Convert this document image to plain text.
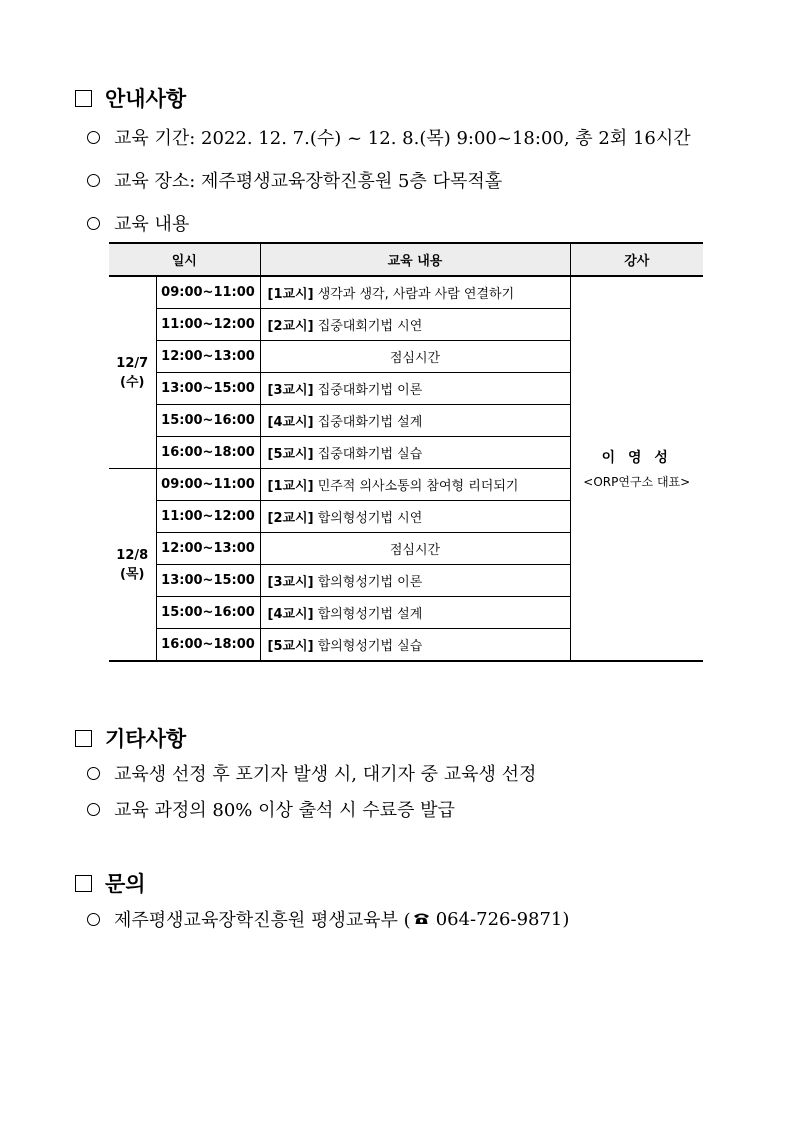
안내사항
교육 기간: 2022. 12. 7.(수) ~ 12. 8.(목) 9:00~18:00, 총 2회 16시간
교육 장소: 제주평생교육장학진흥원 5층 다목적홀
교육 내용
일시		교육 내용	강사
12/7
(수)	09:00~11:00	[1교시] 생각과 생각, 사람과 사람 연결하기	이 영 성
<ORP연구소 대표>

	11:00~12:00	[2교시] 집중대회기법 시연	
	12:00~13:00	점심시간	
	13:00~15:00	[3교시] 집중대화기법 이론	
	15:00~16:00	[4교시] 집중대화기법 설계	
	16:00~18:00	[5교시] 집중대화기법 실습	
12/8
(목)	09:00~11:00	[1교시] 민주적 의사소통의 참여형 리더되기	
	11:00~12:00	[2교시] 합의형성기법 시연	
	12:00~13:00	점심시간	
	13:00~15:00	[3교시] 합의형성기법 이론	
	15:00~16:00	[4교시] 합의형성기법 설계	
	16:00~18:00	[5교시] 합의형성기법 실습	
기타사항
교육생 선정 후 포기자 발생 시, 대기자 중 교육생 선정
교육 과정의 80% 이상 출석 시 수료증 발급
문의
제주평생교육장학진흥원 평생교육부 ( 064-726-9871 )
